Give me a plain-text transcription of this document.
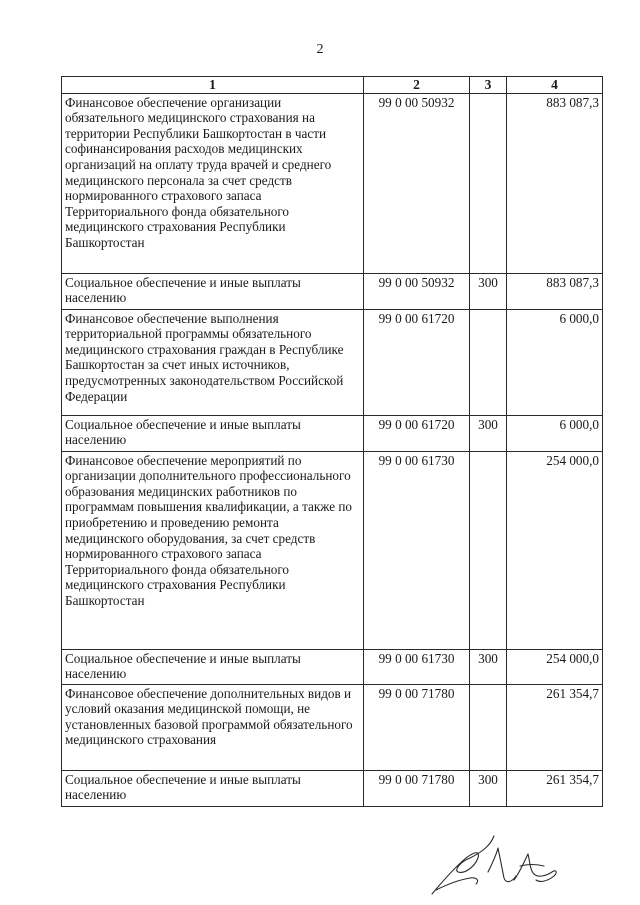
2
1	2	3	4
Финансовое обеспечение организации обязательного медицинского страхования на территории Республики Башкортостан в части софинансирования расходов медицинских организаций на оплату труда врачей и среднего медицинского персонала за счет средств нормированного страхового запаса Территориального фонда обязательного медицинского страхования Республики Башкортостан	99 0 00 50932		883 087,3
Социальное обеспечение и иные выплаты населению	99 0 00 50932	300	883 087,3
Финансовое обеспечение выполнения территориальной программы обязательного медицинского страхования граждан в Республике Башкортостан за счет иных источников, предусмотренных законодательством Российской Федерации	99 0 00 61720		6 000,0
Социальное обеспечение и иные выплаты населению	99 0 00 61720	300	6 000,0
Финансовое обеспечение мероприятий по организации дополнительного профессионального образования медицинских работников по программам повышения квалификации, а также по приобретению и проведению ремонта медицинского оборудования, за счет средств нормированного страхового запаса Территориального фонда обязательного медицинского страхования Республики Башкортостан	99 0 00 61730		254 000,0
Социальное обеспечение и иные выплаты населению	99 0 00 61730	300	254 000,0
Финансовое обеспечение дополнительных видов и условий оказания медицинской помощи, не установленных базовой программой обязательного медицинского страхования	99 0 00 71780		261 354,7
Социальное обеспечение и иные выплаты населению	99 0 00 71780	300	261 354,7
